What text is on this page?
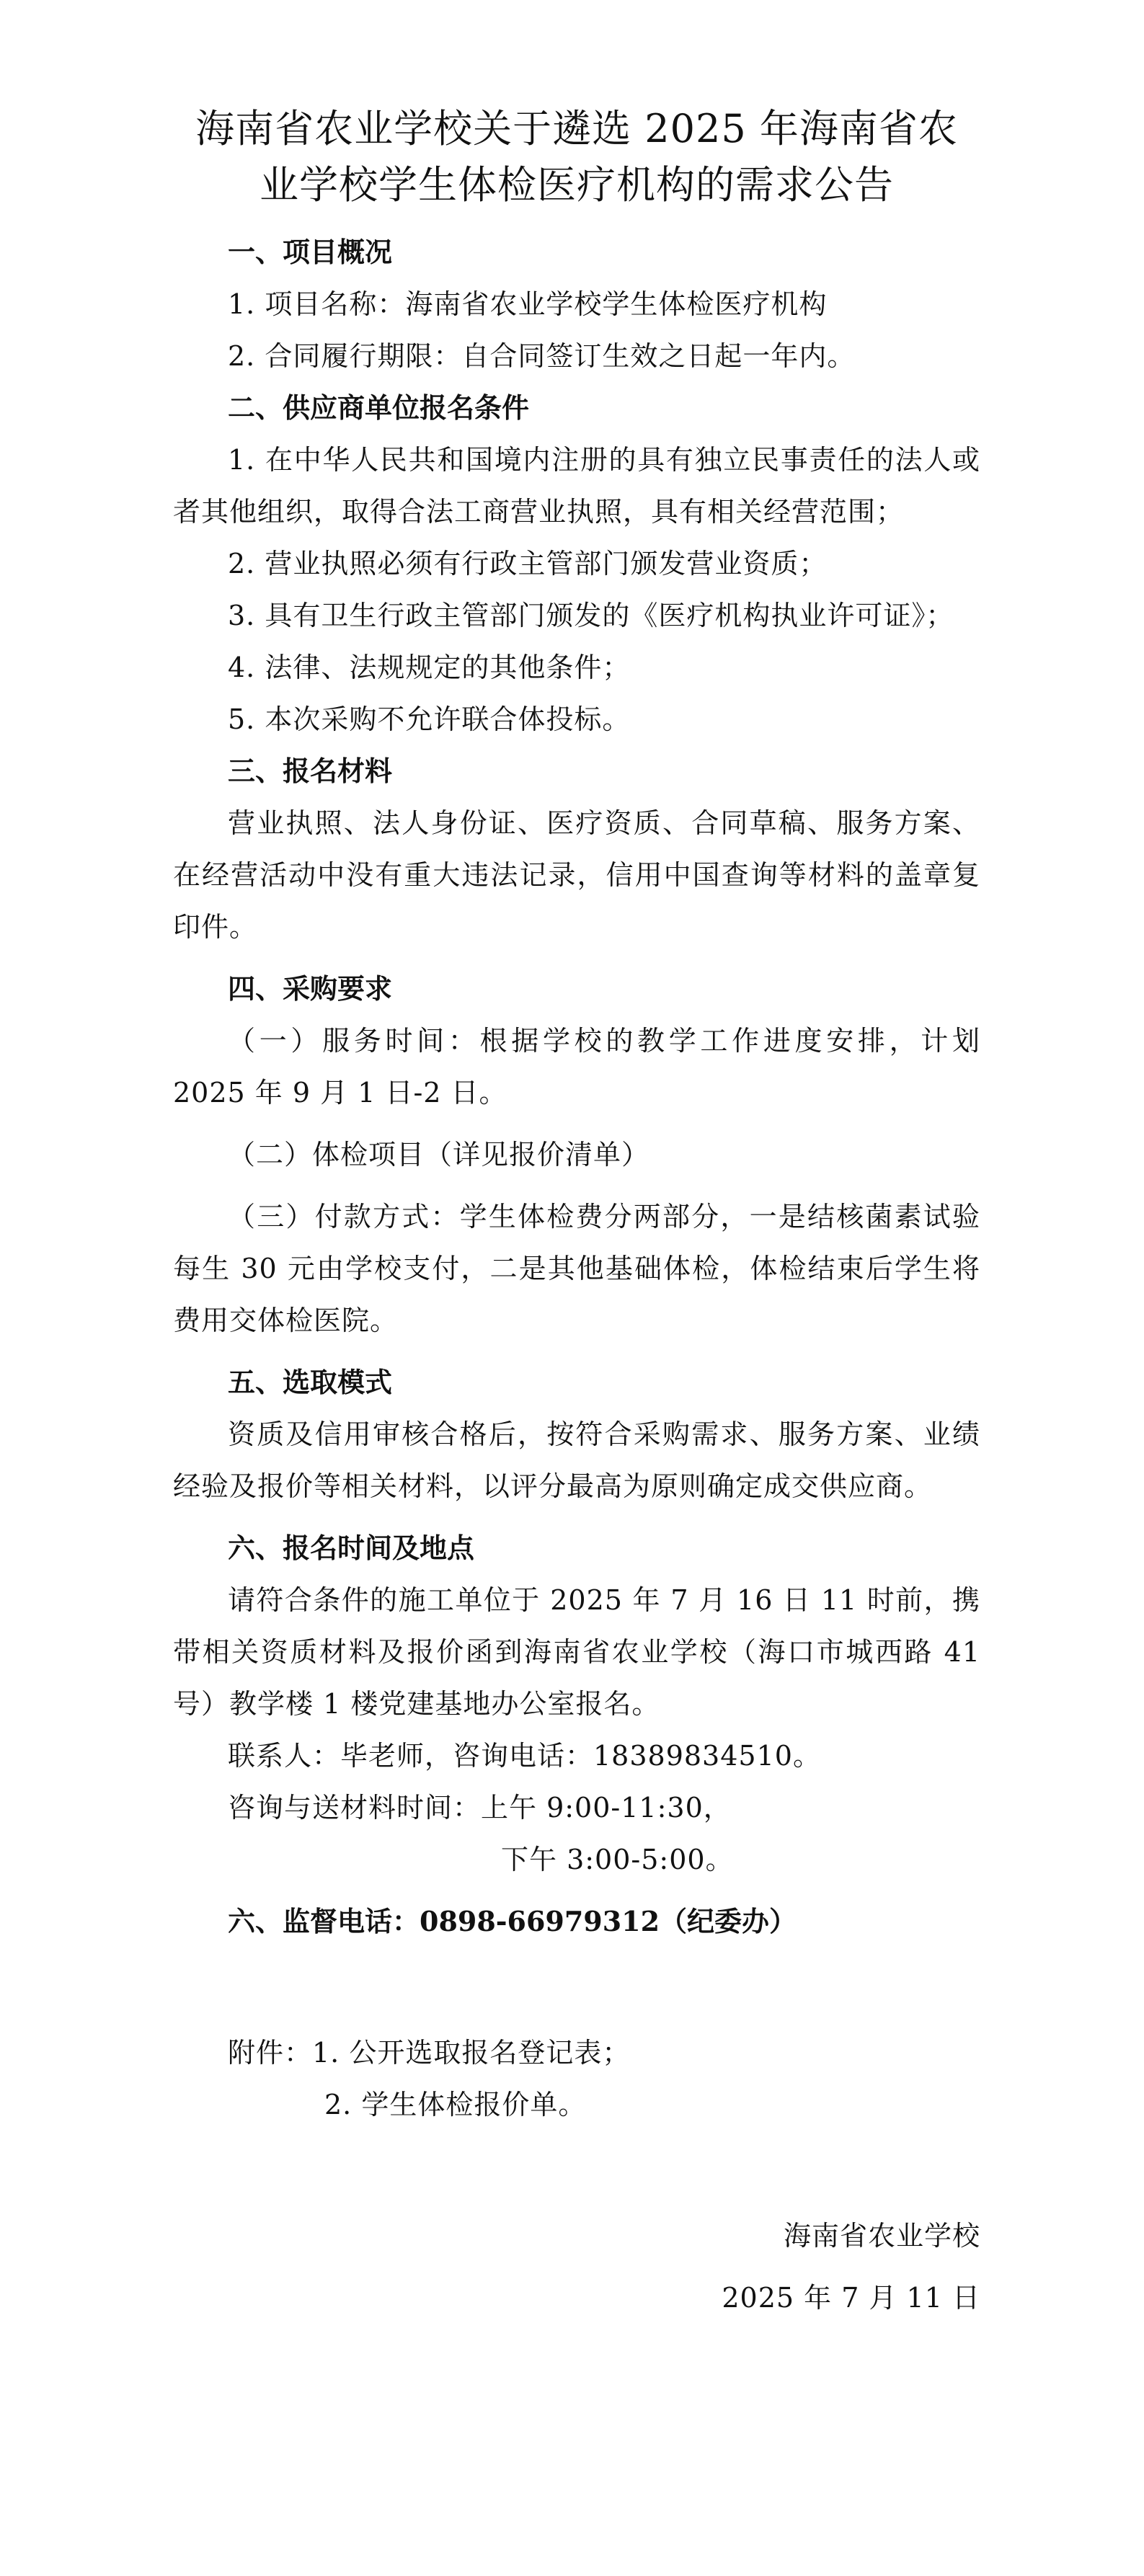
海南省农业学校关于遴选 2025 年海南省农
业学校学生体检医疗机构的需求公告

一、项目概况

1. 项目名称：海南省农业学校学生体检医疗机构

2. 合同履行期限：自合同签订生效之日起一年内。

二、供应商单位报名条件

1. 在中华人民共和国境内注册的具有独立民事责任的法人或者其他组织，取得合法工商营业执照，具有相关经营范围；

2. 营业执照必须有行政主管部门颁发营业资质；

3. 具有卫生行政主管部门颁发的《医疗机构执业许可证》；

4. 法律、法规规定的其他条件；

5. 本次采购不允许联合体投标。

三、报名材料

营业执照、法人身份证、医疗资质、合同草稿、服务方案、在经营活动中没有重大违法记录，信用中国查询等材料的盖章复印件。

四、采购要求

（一）服务时间：根据学校的教学工作进度安排，计划 2025 年 9 月 1 日-2 日。

（二）体检项目（详见报价清单）

（三）付款方式：学生体检费分两部分，一是结核菌素试验每生 30 元由学校支付，二是其他基础体检，体检结束后学生将费用交体检医院。

五、选取模式

资质及信用审核合格后，按符合采购需求、服务方案、业绩经验及报价等相关材料，以评分最高为原则确定成交供应商。

六、报名时间及地点

请符合条件的施工单位于 2025 年 7 月 16 日 11 时前，携带相关资质材料及报价函到海南省农业学校（海口市城西路 41 号）教学楼 1 楼党建基地办公室报名。

联系人：毕老师，咨询电话：18389834510。

咨询与送材料时间：上午 9:00-11:30，

下午 3:00-5:00。

六、监督电话：0898-66979312（纪委办）

附件：1. 公开选取报名登记表；

2. 学生体检报价单。

海南省农业学校

2025 年 7 月 11 日
